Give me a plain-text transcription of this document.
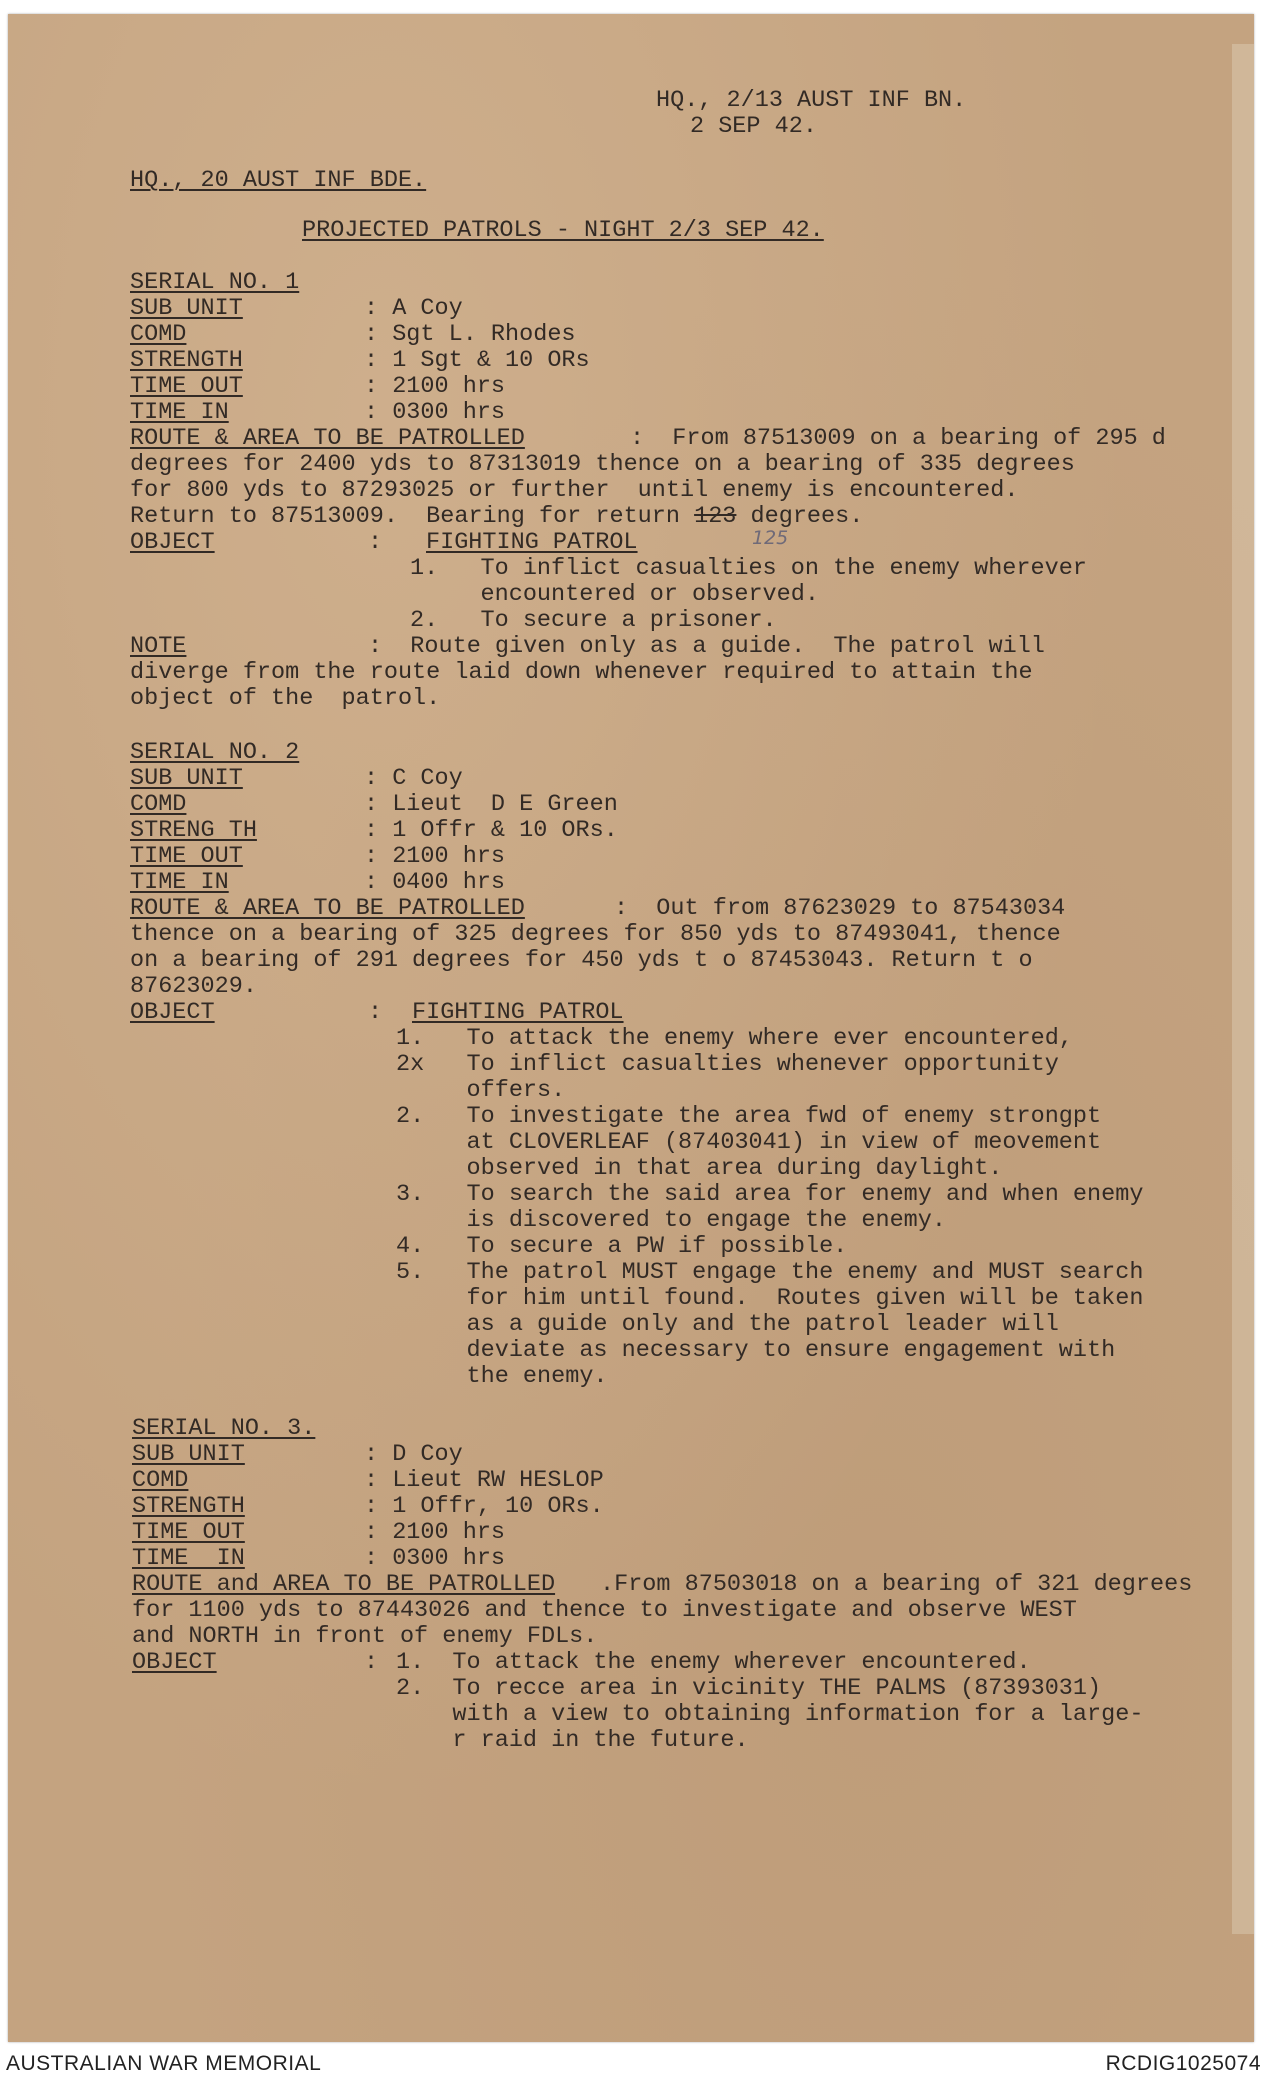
HQ., 2/13 AUST INF BN.
2 SEP 42.
HQ., 20 AUST INF BDE.
PROJECTED PATROLS - NIGHT 2/3 SEP 42.
SERIAL NO. 1
SUB UNIT	: A Coy
COMD	: Sgt L. Rhodes
STRENGTH	: 1 Sgt & 10 ORs
TIME OUT	: 2100 hrs
TIME IN	: 0300 hrs
ROUTE & AREA TO BE PATROLLED	:  From 87513009 on a bearing of 295 d
degrees for 2400 yds to 87313019 thence on a bearing of 335 degrees
for 800 yds to 87293025 or further  until enemy is encountered.
Return to 87513009.  Bearing for return 123 degrees.
125
OBJECT	: FIGHTING PATROL
1.   To inflict casualties on the enemy wherever
encountered or observed.
2.   To secure a prisoner.
NOTE	:  Route given only as a guide.  The patrol will
diverge from the route laid down whenever required to attain the
object of the  patrol.
SERIAL NO. 2
SUB UNIT	: C Coy
COMD	: Lieut  D E Green
STRENG TH	: 1 Offr & 10 ORs.
TIME OUT	: 2100 hrs
TIME IN	: 0400 hrs
ROUTE & AREA TO BE PATROLLED	:  Out from 87623029 to 87543034
thence on a bearing of 325 degrees for 850 yds to 87493041, thence
on a bearing of 291 degrees for 450 yds t o 87453043. Return t o
87623029.
OBJECT	: FIGHTING PATROL
1.   To attack the enemy where ever encountered,
2x   To inflict casualties whenever opportunity
offers.
2.   To investigate the area fwd of enemy strongpt
at CLOVERLEAF (87403041) in view of meovement
observed in that area during daylight.
3.   To search the said area for enemy and when enemy
is discovered to engage the enemy.
4.   To secure a PW if possible.
5.   The patrol MUST engage the enemy and MUST search
for him until found.  Routes given will be taken
as a guide only and the patrol leader will
deviate as necessary to ensure engagement with
the enemy.
SERIAL NO. 3.
SUB UNIT	: D Coy
COMD	: Lieut RW HESLOP
STRENGTH	: 1 Offr, 10 ORs.
TIME OUT	: 2100 hrs
TIME  IN	: 0300 hrs
ROUTE and AREA TO BE PATROLLED .From 87503018 on a bearing of 321 degrees
for 1100 yds to 87443026 and thence to investigate and observe WEST
and NORTH in front of enemy FDLs.
OBJECT	: 1.  To attack the enemy wherever encountered.
2.  To recce area in vicinity THE PALMS (87393031)
with a view to obtaining information for a large-
r raid in the future.
AUSTRALIAN WAR MEMORIAL	RCDIG1025074
